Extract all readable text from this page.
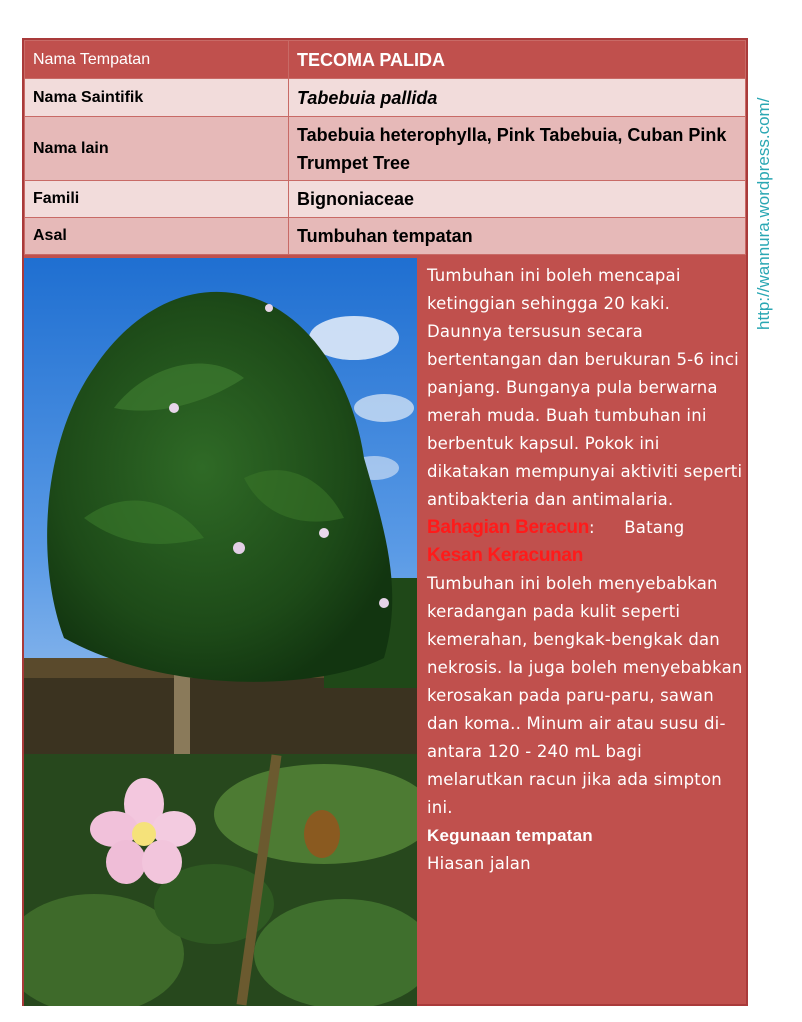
Nama Tempatan	TECOMA PALIDA
Nama Saintifik	Tabebuia pallida
Nama lain	Tabebuia heterophylla, Pink Tabebuia, Cuban Pink Trumpet Tree
Famili	Bignoniaceae
Asal	Tumbuhan tempatan

Tumbuhan ini boleh mencapai ketinggian sehingga 20 kaki. Daunnya tersusun secara bertentangan dan berukuran 5-6 inci panjang. Bunganya pula berwarna merah muda. Buah tumbuhan ini berbentuk kapsul. Pokok ini dikatakan mempunyai aktiviti seperti antibakteria dan antimalaria.

Bahagian Beracun: Batang

Kesan Keracunan

Tumbuhan ini boleh menyebabkan keradangan pada kulit seperti kemerahan, bengkak-bengkak dan nekrosis. Ia juga boleh menyebabkan kerosakan pada paru-paru, sawan dan koma.. Minum air atau susu di-antara 120 - 240 mL bagi melarutkan racun jika ada simpton ini.

Kegunaan tempatan

Hiasan jalan

http://wannura.wordpress.com/
